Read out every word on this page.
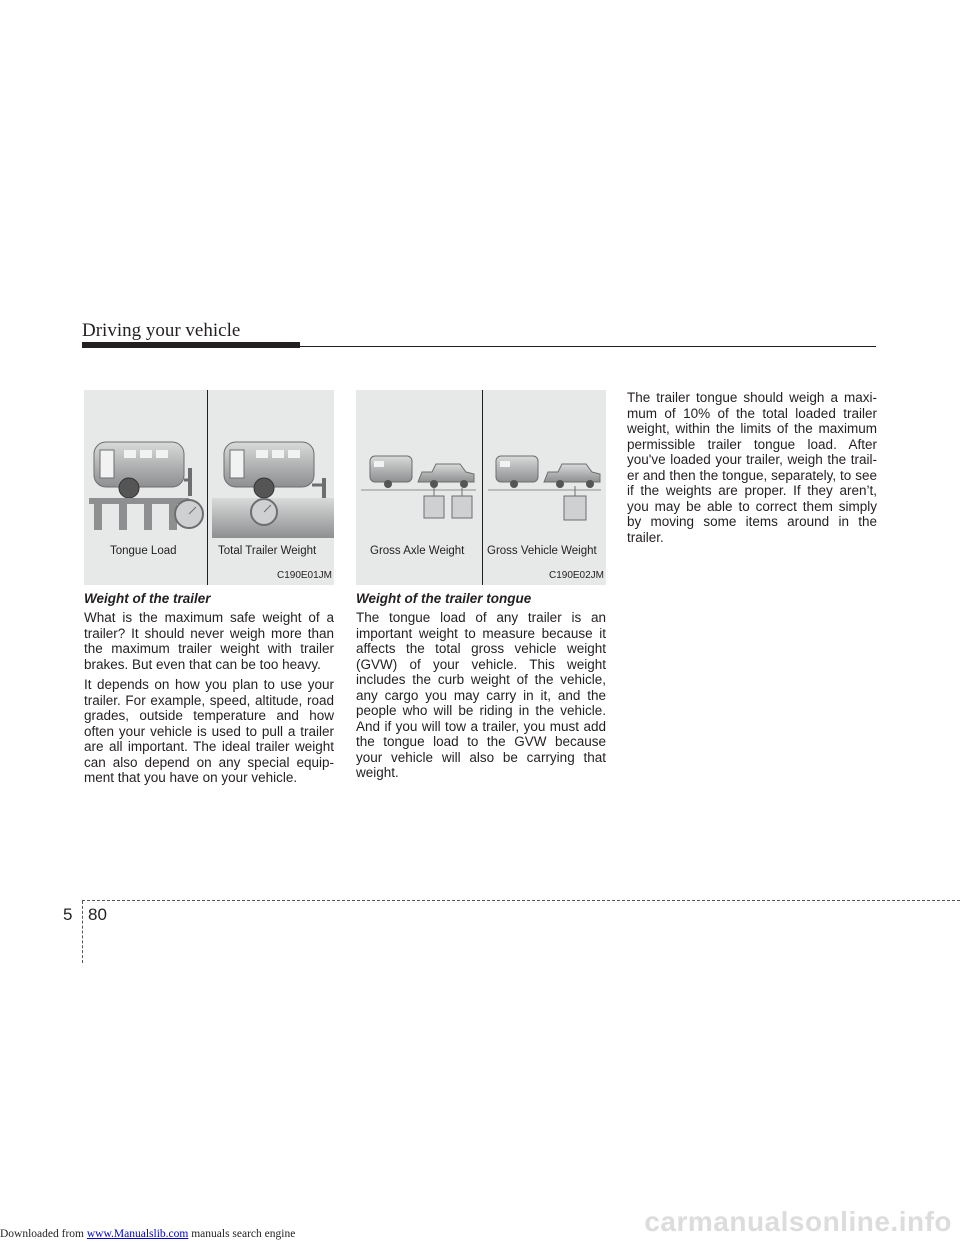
Driving your vehicle
Tongue Load	Total Trailer Weight
C190E01JM
Gross Axle Weight Gross Vehicle Weight
C190E02JM
Weight of the trailer

What is the maximum safe weight of a trailer? It should never weigh more than the maximum trailer weight with trailer brakes. But even that can be too heavy.

It depends on how you plan to use your trailer. For example, speed, altitude, road grades, outside temperature and how often your vehicle is used to pull a trailer are all important. The ideal trailer weight can also depend on any special equip-ment that you have on your vehicle.

Weight of the trailer tongue

The tongue load of any trailer is an important weight to measure because it affects the total gross vehicle weight (GVW) of your vehicle. This weight includes the curb weight of the vehicle, any cargo you may carry in it, and the people who will be riding in the vehicle. And if you will tow a trailer, you must add the tongue load to the GVW because your vehicle will also be carrying that weight.

The trailer tongue should weigh a maxi-mum of 10% of the total loaded trailer weight, within the limits of the maximum permissible trailer tongue load. After you've loaded your trailer, weigh the trail-er and then the tongue, separately, to see if the weights are proper. If they aren’t, you may be able to correct them simply by moving some items around in the trailer.

5 80
Downloaded from www.Manualslib.com manuals search engine	carmanualsonline.info
